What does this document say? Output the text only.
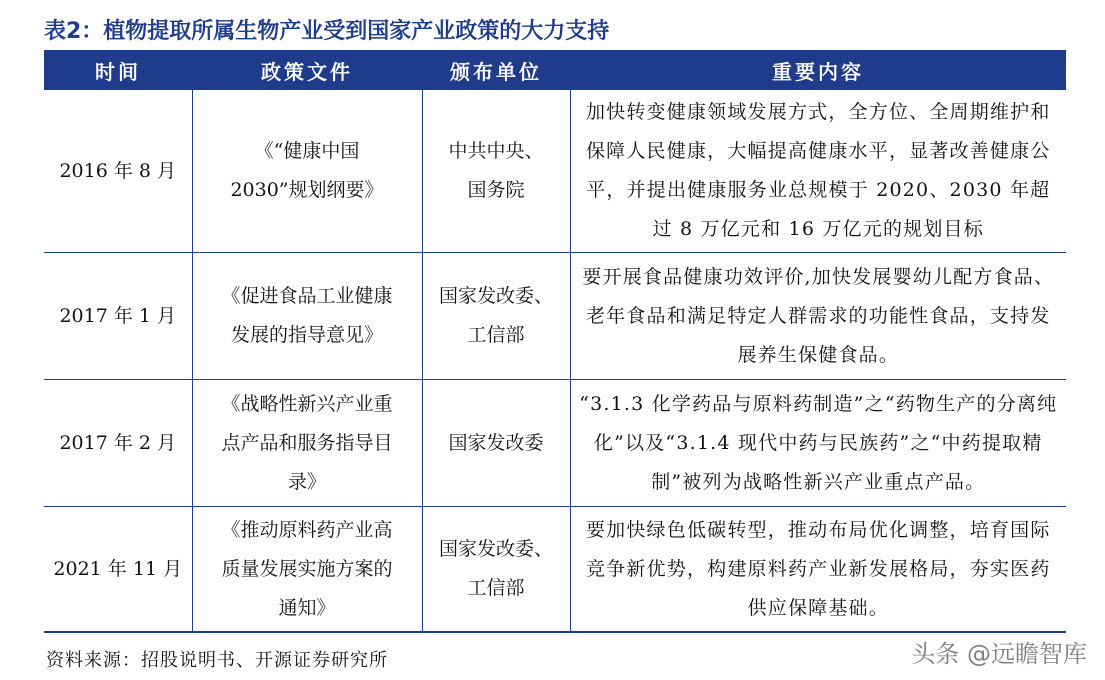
表2：植物提取所属生物产业受到国家产业政策的大力支持
时间	政策文件	颁布单位	重要内容
2016 年 8 月	《“健康中国 2030”规划纲要》	中共中央、国务院	加快转变健康领域发展方式，全方位、全周期维护和保障人民健康，大幅提高健康水平，显著改善健康公平，并提出健康服务业总规模于 2020、2030 年超过 8 万亿元和 16 万亿元的规划目标
2017 年 1 月	《促进食品工业健康发展的指导意见》	国家发改委、工信部	要开展食品健康功效评价,加快发展婴幼儿配方食品、老年食品和满足特定人群需求的功能性食品，支持发展养生保健食品。
2017 年 2 月	《战略性新兴产业重点产品和服务指导目录》	国家发改委	“3.1.3 化学药品与原料药制造”之“药物生产的分离纯化”以及“3.1.4 现代中药与民族药”之“中药提取精制”被列为战略性新兴产业重点产品。
2021 年 11 月	《推动原料药产业高质量发展实施方案的通知》	国家发改委、工信部	要加快绿色低碳转型，推动布局优化调整，培育国际竞争新优势，构建原料药产业新发展格局，夯实医药供应保障基础。
资料来源：招股说明书、开源证券研究所	头条 @远瞻智库
